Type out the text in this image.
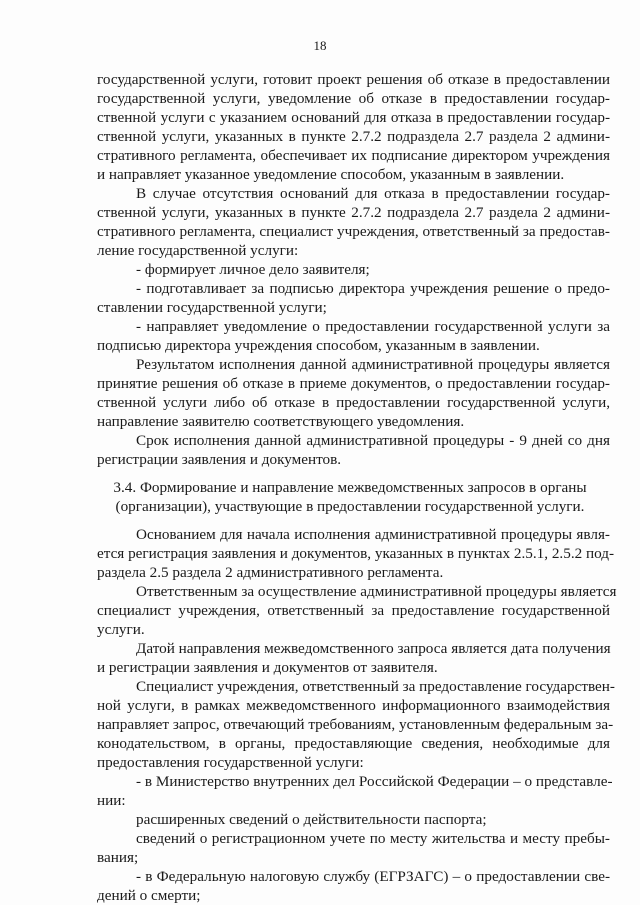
18
государственной услуги, готовит проект решения об отказе в предоставлении
государственной услуги, уведомление об отказе в предоставлении государ-
ственной услуги с указанием оснований для отказа в предоставлении государ-
ственной услуги, указанных в пункте 2.7.2 подраздела 2.7 раздела 2 админи-
стративного регламента, обеспечивает их подписание директором учреждения
и направляет указанное уведомление способом, указанным в заявлении.
В случае отсутствия оснований для отказа в предоставлении государ-
ственной услуги, указанных в пункте 2.7.2 подраздела 2.7 раздела 2 админи-
стративного регламента, специалист учреждения, ответственный за предостав-
ление государственной услуги:
- формирует личное дело заявителя;
- подготавливает за подписью директора учреждения решение о предо-
ставлении государственной услуги;
- направляет уведомление о предоставлении государственной услуги за
подписью директора учреждения способом, указанным в заявлении.
Результатом исполнения данной административной процедуры является
принятие решения об отказе в приеме документов, о предоставлении государ-
ственной услуги либо об отказе в предоставлении государственной услуги,
направление заявителю соответствующего уведомления.
Срок исполнения данной административной процедуры - 9 дней со дня
регистрации заявления и документов.
3.4. Формирование и направление межведомственных запросов в органы
(организации), участвующие в предоставлении государственной услуги.
Основанием для начала исполнения административной процедуры явля-
ется регистрация заявления и документов, указанных в пунктах 2.5.1, 2.5.2 под-
раздела 2.5 раздела 2 административного регламента.
Ответственным за осуществление административной процедуры является
специалист учреждения, ответственный за предоставление государственной
услуги.
Датой направления межведомственного запроса является дата получения
и регистрации заявления и документов от заявителя.
Специалист учреждения, ответственный за предоставление государствен-
ной услуги, в рамках межведомственного информационного взаимодействия
направляет запрос, отвечающий требованиям, установленным федеральным за-
конодательством, в органы, предоставляющие сведения, необходимые для
предоставления государственной услуги:
- в Министерство внутренних дел Российской Федерации – о представле-
нии:
расширенных сведений о действительности паспорта;
сведений о регистрационном учете по месту жительства и месту пребы-
вания;
- в Федеральную налоговую службу (ЕГРЗАГС) – о предоставлении све-
дений о смерти;
